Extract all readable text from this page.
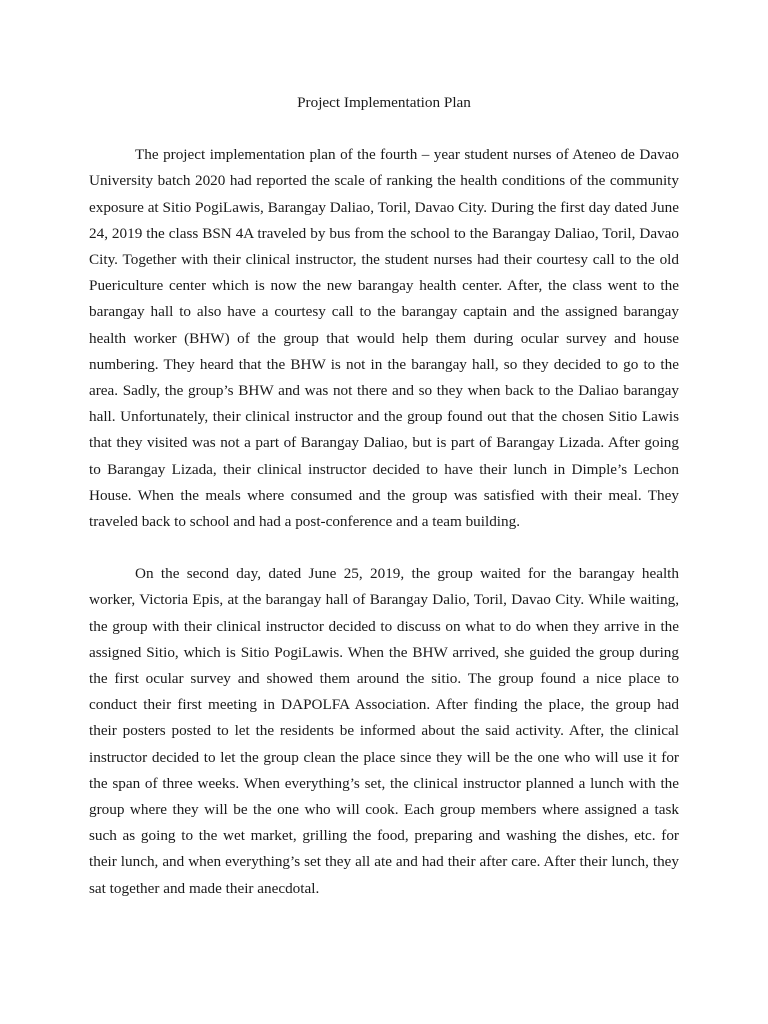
Project Implementation Plan

The project implementation plan of the fourth – year student nurses of Ateneo de Davao University batch 2020 had reported the scale of ranking the health conditions of the community exposure at Sitio PogiLawis, Barangay Daliao, Toril, Davao City. During the first day dated June 24, 2019 the class BSN 4A traveled by bus from the school to the Barangay Daliao, Toril, Davao City. Together with their clinical instructor, the student nurses had their courtesy call to the old Puericulture center which is now the new barangay health center. After, the class went to the barangay hall to also have a courtesy call to the barangay captain and the assigned barangay health worker (BHW) of the group that would help them during ocular survey and house numbering. They heard that the BHW is not in the barangay hall, so they decided to go to the area. Sadly, the group’s BHW and was not there and so they when back to the Daliao barangay hall. Unfortunately, their clinical instructor and the group found out that the chosen Sitio Lawis that they visited was not a part of Barangay Daliao, but is part of Barangay Lizada. After going to Barangay Lizada, their clinical instructor decided to have their lunch in Dimple’s Lechon House. When the meals where consumed and the group was satisfied with their meal. They traveled back to school and had a post-conference and a team building.

On the second day, dated June 25, 2019, the group waited for the barangay health worker, Victoria Epis, at the barangay hall of Barangay Dalio, Toril, Davao City. While waiting, the group with their clinical instructor decided to discuss on what to do when they arrive in the assigned Sitio, which is Sitio PogiLawis. When the BHW arrived, she guided the group during the first ocular survey and showed them around the sitio. The group found a nice place to conduct their first meeting in DAPOLFA Association. After finding the place, the group had their posters posted to let the residents be informed about the said activity. After, the clinical instructor decided to let the group clean the place since they will be the one who will use it for the span of three weeks. When everything’s set, the clinical instructor planned a lunch with the group where they will be the one who will cook. Each group members where assigned a task such as going to the wet market, grilling the food, preparing and washing the dishes, etc. for their lunch, and when everything’s set they all ate and had their after care. After their lunch, they sat together and made their anecdotal.
